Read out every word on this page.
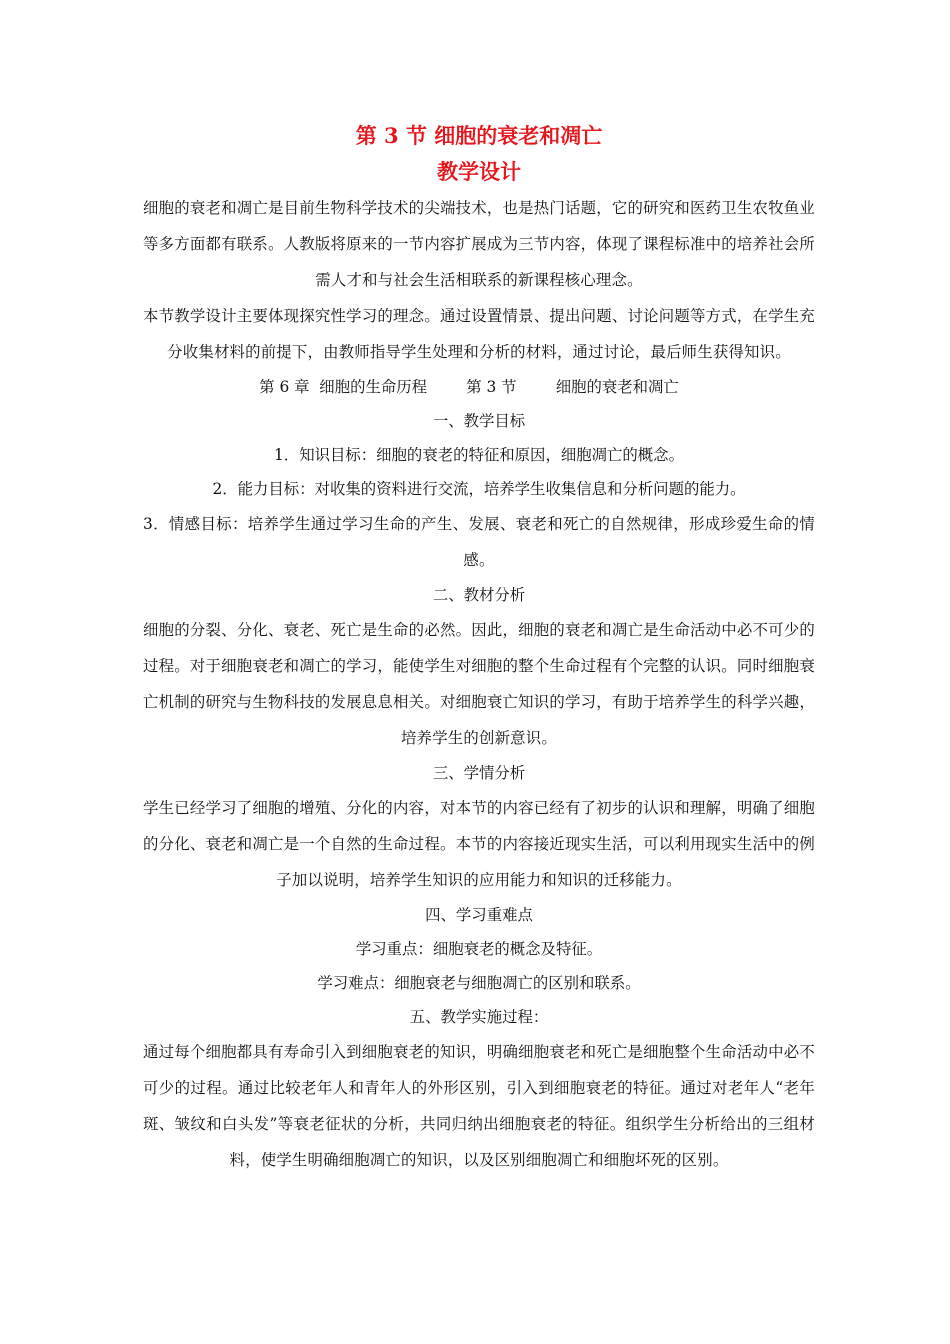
第 3 节 细胞的衰老和凋亡

教学设计

细胞的衰老和凋亡是目前生物科学技术的尖端技术，也是热门话题，它的研究和医药卫生农牧鱼业等多方面都有联系。人教版将原来的一节内容扩展成为三节内容，体现了课程标准中的培养社会所需人才和与社会生活相联系的新课程核心理念。

本节教学设计主要体现探究性学习的理念。通过设置情景、提出问题、讨论问题等方式，在学生充分收集材料的前提下，由教师指导学生处理和分析的材料，通过讨论，最后师生获得知识。

第 6 章  细胞的生命历程	第 3 节	细胞的衰老和凋亡

一、教学目标

1．知识目标：细胞的衰老的特征和原因，细胞凋亡的概念。

2．能力目标：对收集的资料进行交流，培养学生收集信息和分析问题的能力。

3．情感目标：培养学生通过学习生命的产生、发展、衰老和死亡的自然规律，形成珍爱生命的情感。

二、教材分析

细胞的分裂、分化、衰老、死亡是生命的必然。因此，细胞的衰老和凋亡是生命活动中必不可少的过程。对于细胞衰老和凋亡的学习，能使学生对细胞的整个生命过程有个完整的认识。同时细胞衰亡机制的研究与生物科技的发展息息相关。对细胞衰亡知识的学习，有助于培养学生的科学兴趣，培养学生的创新意识。

三、学情分析

学生已经学习了细胞的增殖、分化的内容，对本节的内容已经有了初步的认识和理解，明确了细胞的分化、衰老和凋亡是一个自然的生命过程。本节的内容接近现实生活，可以利用现实生活中的例子加以说明，培养学生知识的应用能力和知识的迁移能力。

四、学习重难点

学习重点：细胞衰老的概念及特征。

学习难点：细胞衰老与细胞凋亡的区别和联系。

五、教学实施过程：

通过每个细胞都具有寿命引入到细胞衰老的知识，明确细胞衰老和死亡是细胞整个生命活动中必不可少的过程。通过比较老年人和青年人的外形区别，引入到细胞衰老的特征。通过对老年人“老年斑、皱纹和白头发”等衰老征状的分析，共同归纳出细胞衰老的特征。组织学生分析给出的三组材料，使学生明确细胞凋亡的知识，以及区别细胞凋亡和细胞坏死的区别。
